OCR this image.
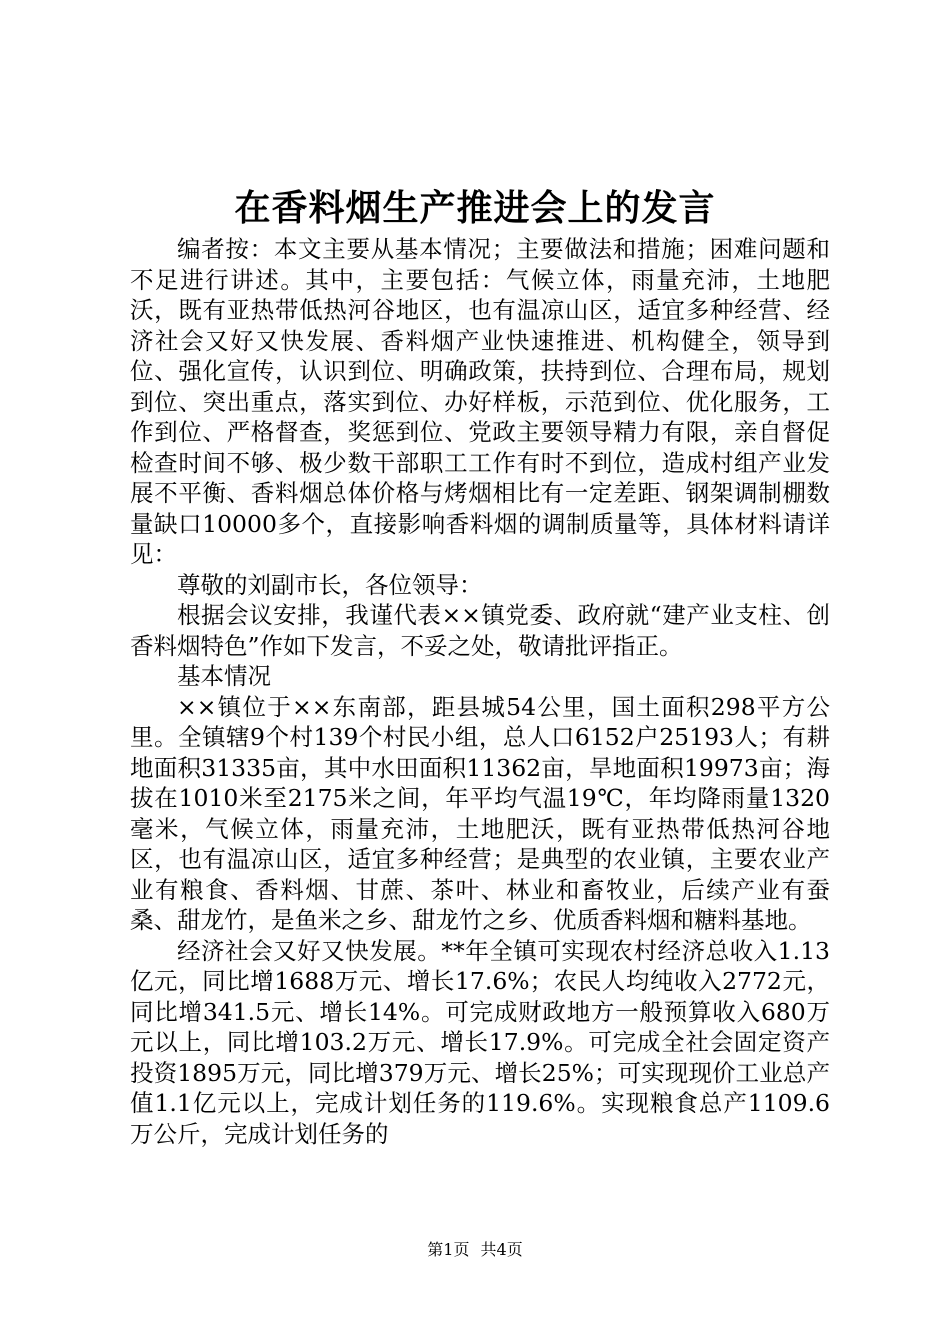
在香料烟生产推进会上的发言

编者按：本文主要从基本情况；主要做法和措施；困难问题和不足进行讲述。其中，主要包括：气候立体，雨量充沛，土地肥沃，既有亚热带低热河谷地区，也有温凉山区，适宜多种经营、经济社会又好又快发展、香料烟产业快速推进、机构健全，领导到位、强化宣传，认识到位、明确政策，扶持到位、合理布局，规划到位、突出重点，落实到位、办好样板，示范到位、优化服务，工作到位、严格督查，奖惩到位、党政主要领导精力有限，亲自督促检查时间不够、极少数干部职工工作有时不到位，造成村组产业发展不平衡、香料烟总体价格与烤烟相比有一定差距、钢架调制棚数量缺口10000多个，直接影响香料烟的调制质量等，具体材料请详见：

尊敬的刘副市长，各位领导：

根据会议安排，我谨代表××镇党委、政府就“建产业支柱、创香料烟特色”作如下发言，不妥之处，敬请批评指正。

基本情况

××镇位于××东南部，距县城54公里，国土面积298平方公里。全镇辖9个村139个村民小组，总人口6152户25193人；有耕地面积31335亩，其中水田面积11362亩，旱地面积19973亩；海拔在1010米至2175米之间，年平均气温19℃，年均降雨量1320毫米，气候立体，雨量充沛，土地肥沃，既有亚热带低热河谷地区，也有温凉山区，适宜多种经营；是典型的农业镇，主要农业产业有粮食、香料烟、甘蔗、茶叶、林业和畜牧业，后续产业有蚕桑、甜龙竹，是鱼米之乡、甜龙竹之乡、优质香料烟和糖料基地。

经济社会又好又快发展。**年全镇可实现农村经济总收入1.13亿元，同比增1688万元、增长17.6%；农民人均纯收入2772元，同比增341.5元、增长14%。可完成财政地方一般预算收入680万元以上，同比增103.2万元、增长17.9%。可完成全社会固定资产投资1895万元，同比增379万元、增长25%；可实现现价工业总产值1.1亿元以上，完成计划任务的119.6%。实现粮食总产1109.6万公斤，完成计划任务的

第1页 共4页
